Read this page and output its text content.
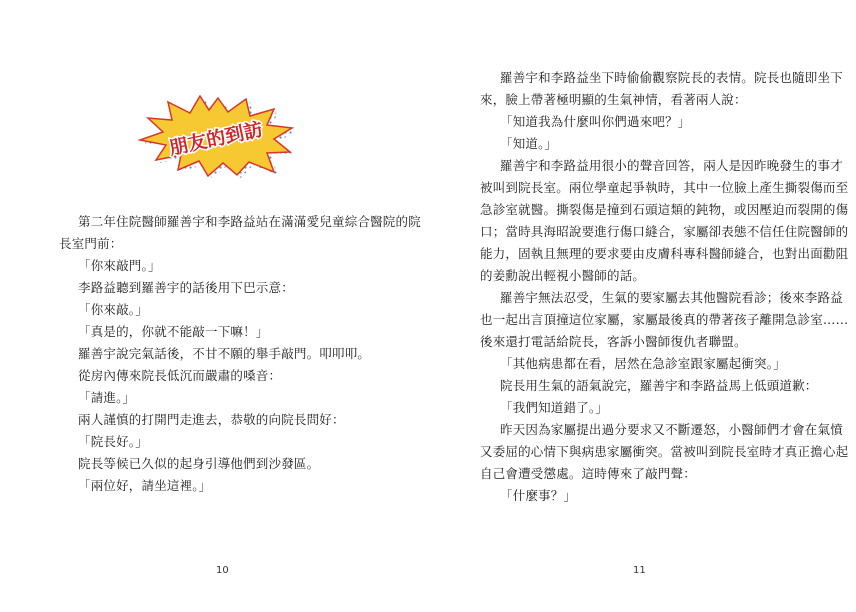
朋友的到訪
第二年住院醫師羅善宇和李路益站在滿滿愛兒童綜合醫院的院
長室門前：
「你來敲門。」
李路益聽到羅善宇的話後用下巴示意：
「你來敲。」
「真是的，你就不能敲一下嘛！」
羅善宇說完氣話後，不甘不願的舉手敲門。叩叩叩。
從房內傳來院長低沉而嚴肅的嗓音：
「請進。」
兩人謹慎的打開門走進去，恭敬的向院長問好：
「院長好。」
院長等候已久似的起身引導他們到沙發區。
「兩位好，請坐這裡。」
10
羅善宇和李路益坐下時偷偷觀察院長的表情。院長也隨即坐下
來，臉上帶著極明顯的生氣神情，看著兩人說：
「知道我為什麼叫你們過來吧？」
「知道。」
羅善宇和李路益用很小的聲音回答，兩人是因昨晚發生的事才
被叫到院長室。兩位學童起爭執時，其中一位臉上產生撕裂傷而至
急診室就醫。撕裂傷是撞到石頭這類的鈍物，或因壓迫而裂開的傷
口；當時具海昭說要進行傷口縫合，家屬卻表態不信任住院醫師的
能力，固執且無理的要求要由皮膚科專科醫師縫合，也對出面勸阻
的姜勳說出輕視小醫師的話。
羅善宇無法忍受，生氣的要家屬去其他醫院看診；後來李路益
也一起出言頂撞這位家屬，家屬最後真的帶著孩子離開急診室……
後來還打電話給院長，客訴小醫師復仇者聯盟。
「其他病患都在看，居然在急診室跟家屬起衝突。」
院長用生氣的語氣說完，羅善宇和李路益馬上低頭道歉：
「我們知道錯了。」
昨天因為家屬提出過分要求又不斷遷怒，小醫師們才會在氣憤
又委屈的心情下與病患家屬衝突。當被叫到院長室時才真正擔心起
自己會遭受懲處。這時傳來了敲門聲：
「什麼事？」
11
